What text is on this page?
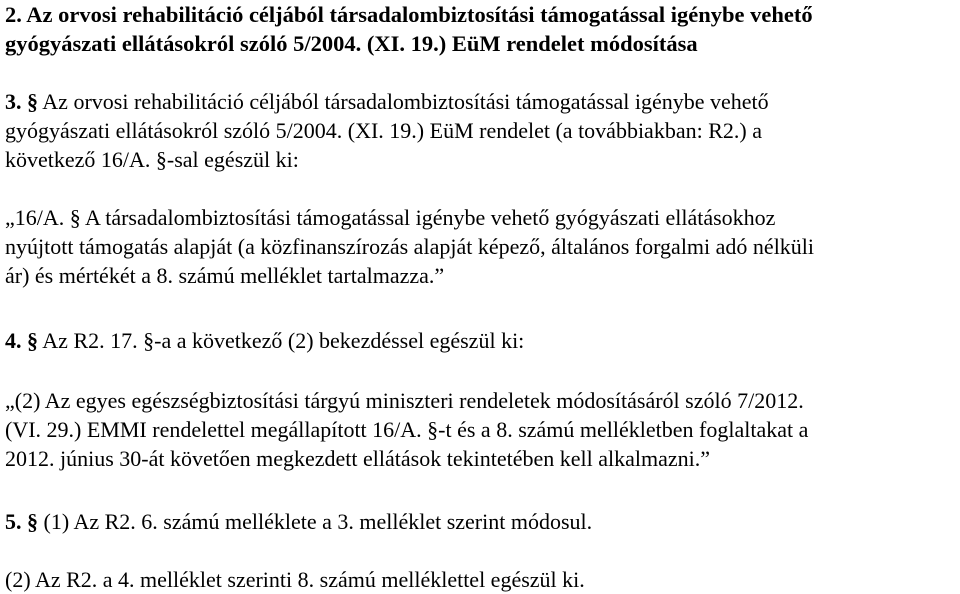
2. Az orvosi rehabilitáció céljából társadalombiztosítási támogatással igénybe vehető
gyógyászati ellátásokról szóló 5/2004. (XI. 19.) EüM rendelet módosítása
3. § Az orvosi rehabilitáció céljából társadalombiztosítási támogatással igénybe vehető
gyógyászati ellátásokról szóló 5/2004. (XI. 19.) EüM rendelet (a továbbiakban: R2.) a
következő 16/A. §-sal egészül ki:
„16/A. § A társadalombiztosítási támogatással igénybe vehető gyógyászati ellátásokhoz
nyújtott támogatás alapját (a közfinanszírozás alapját képező, általános forgalmi adó nélküli
ár) és mértékét a 8. számú melléklet tartalmazza.”
4. § Az R2. 17. §-a a következő (2) bekezdéssel egészül ki:
„(2) Az egyes egészségbiztosítási tárgyú miniszteri rendeletek módosításáról szóló 7/2012.
(VI. 29.) EMMI rendelettel megállapított 16/A. §-t és a 8. számú mellékletben foglaltakat a
2012. június 30-át követően megkezdett ellátások tekintetében kell alkalmazni.”
5. § (1) Az R2. 6. számú melléklete a 3. melléklet szerint módosul.
(2) Az R2. a 4. melléklet szerinti 8. számú melléklettel egészül ki.
